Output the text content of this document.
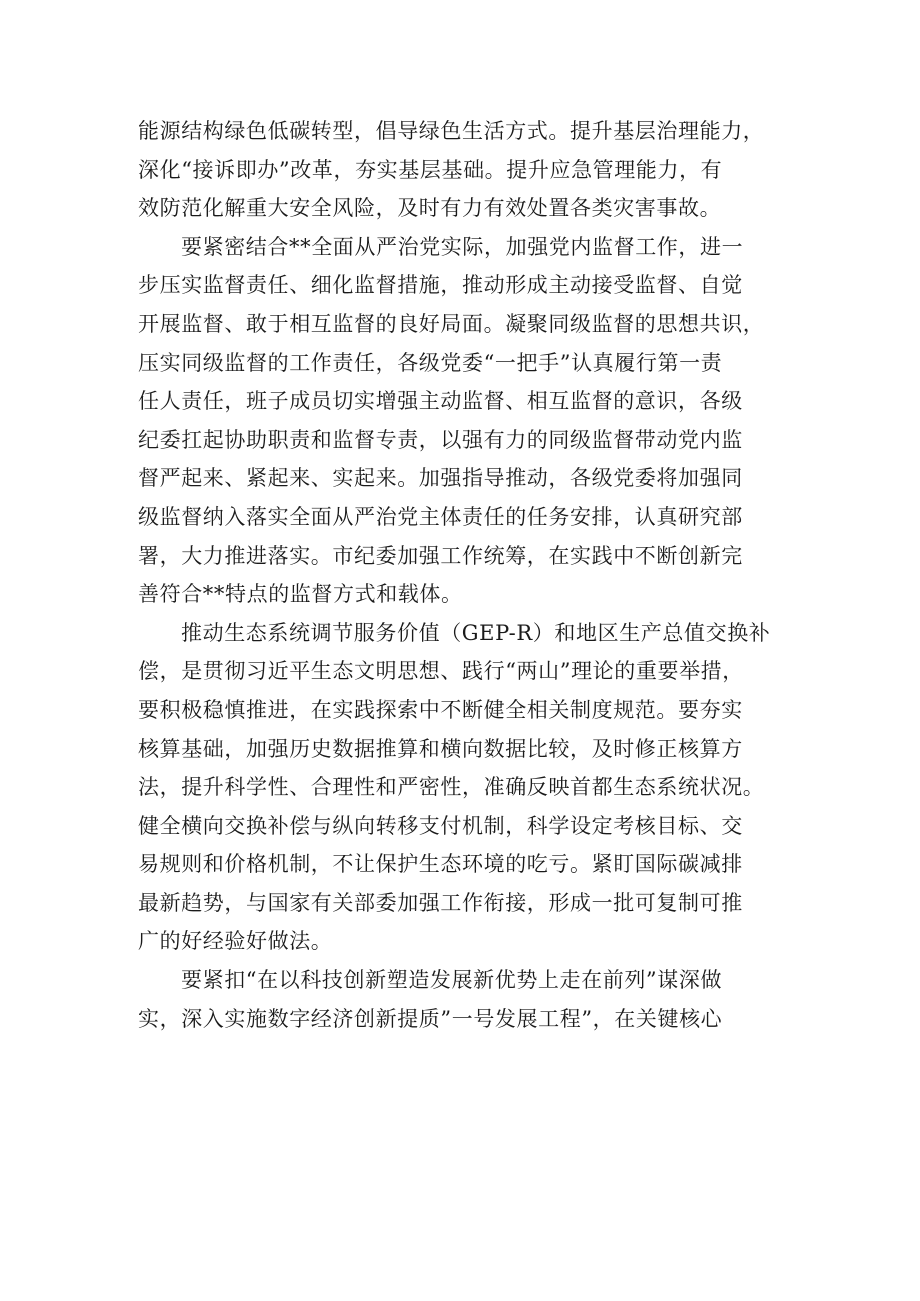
能源结构绿色低碳转型，倡导绿色生活方式。提升基层治理能力，
深化“接诉即办”改革，夯实基层基础。提升应急管理能力，有
效防范化解重大安全风险，及时有力有效处置各类灾害事故。
要紧密结合**全面从严治党实际，加强党内监督工作，进一
步压实监督责任、细化监督措施，推动形成主动接受监督、自觉
开展监督、敢于相互监督的良好局面。凝聚同级监督的思想共识，
压实同级监督的工作责任，各级党委“一把手”认真履行第一责
任人责任，班子成员切实增强主动监督、相互监督的意识，各级
纪委扛起协助职责和监督专责，以强有力的同级监督带动党内监
督严起来、紧起来、实起来。加强指导推动，各级党委将加强同
级监督纳入落实全面从严治党主体责任的任务安排，认真研究部
署，大力推进落实。市纪委加强工作统筹，在实践中不断创新完
善符合**特点的监督方式和载体。
推动生态系统调节服务价值（GEP-R）和地区生产总值交换补
偿，是贯彻习近平生态文明思想、践行“两山”理论的重要举措，
要积极稳慎推进，在实践探索中不断健全相关制度规范。要夯实
核算基础，加强历史数据推算和横向数据比较，及时修正核算方
法，提升科学性、合理性和严密性，准确反映首都生态系统状况。
健全横向交换补偿与纵向转移支付机制，科学设定考核目标、交
易规则和价格机制，不让保护生态环境的吃亏。紧盯国际碳减排
最新趋势，与国家有关部委加强工作衔接，形成一批可复制可推
广的好经验好做法。
要紧扣“在以科技创新塑造发展新优势上走在前列”谋深做
实，深入实施数字经济创新提质”一号发展工程”，在关键核心
